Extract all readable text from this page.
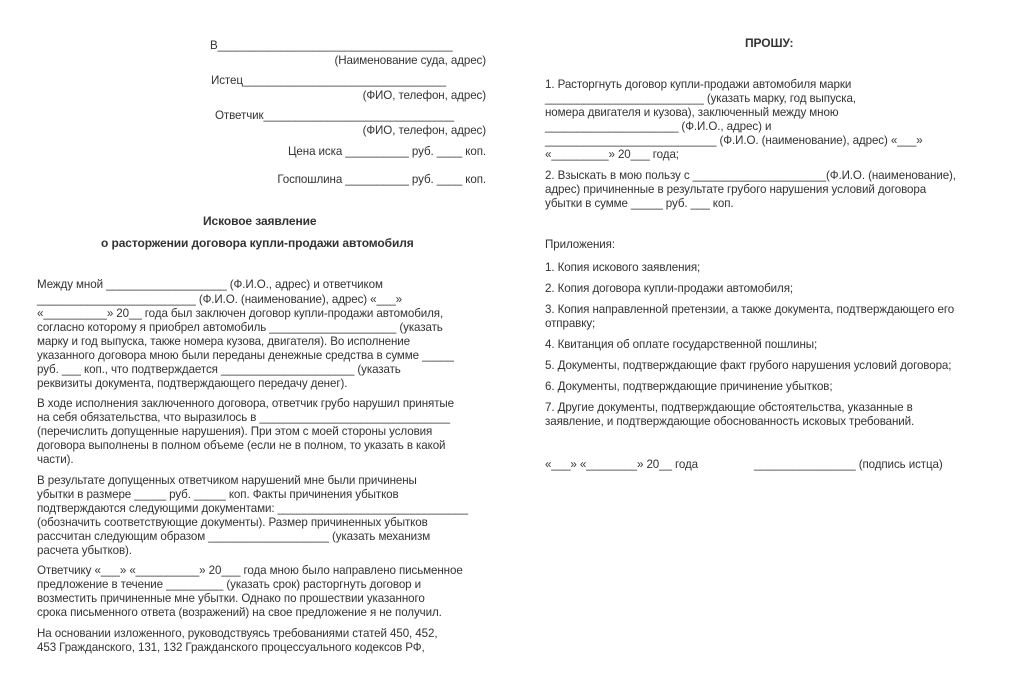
В_____________________________________
(Наименование суда, адрес)
Истец________________________________
(ФИО, телефон, адрес)
Ответчик______________________________
(ФИО, телефон, адрес)
Цена иска __________ руб. ____ коп.
Госпошлина __________ руб. ____ коп.
Исковое заявление
о расторжении договора купли-продажи автомобиля
Между мной ___________________ (Ф.И.О., адрес) и ответчиком
_________________________ (Ф.И.О. (наименование), адрес) «___»
«__________» 20__ года был заключен договор купли-продажи автомобиля,
согласно которому я приобрел автомобиль ____________________ (указать
марку и год выпуска, также номера кузова, двигателя). Во исполнение
указанного договора мною были переданы денежные средства в сумме _____
руб. ___ коп., что подтверждается _____________________ (указать
реквизиты документа, подтверждающего передачу денег).
В ходе исполнения заключенного договора, ответчик грубо нарушил принятые
на себя обязательства, что выразилось в ______________________________
(перечислить допущенные нарушения). При этом с моей стороны условия
договора выполнены в полном объеме (если не в полном, то указать в какой
части).
В результате допущенных ответчиком нарушений мне были причинены
убытки в размере _____ руб. _____ коп. Факты причинения убытков
подтверждаются следующими документами: ______________________________
(обозначить соответствующие документы). Размер причиненных убытков
рассчитан следующим образом ___________________ (указать механизм
расчета убытков).
Ответчику «___» «__________» 20___ года мною было направлено письменное
предложение в течение _________ (указать срок) расторгнуть договор и
возместить причиненные мне убытки. Однако по прошествии указанного
срока письменного ответа (возражений) на свое предложение я не получил.
На основании изложенного, руководствуясь требованиями статей 450, 452,
453 Гражданского, 131, 132 Гражданского процессуального кодексов РФ,
ПРОШУ:
1. Расторгнуть договор купли-продажи автомобиля марки
_________________________ (указать марку, год выпуска,
номера двигателя и кузова), заключенный между мною
_____________________ (Ф.И.О., адрес) и
___________________________ (Ф.И.О. (наименование), адрес) «___»
«_________» 20___ года;
2. Взыскать в мою пользу с _____________________(Ф.И.О. (наименование),
адрес) причиненные в результате грубого нарушения условий договора
убытки в сумме _____ руб. ___ коп.
Приложения:
1. Копия искового заявления;
2. Копия договора купли-продажи автомобиля;
3. Копия направленной претензии, а также документа, подтверждающего его
отправку;
4. Квитанция об оплате государственной пошлины;
5. Документы, подтверждающие факт грубого нарушения условий договора;
6. Документы, подтверждающие причинение убытков;
7. Другие документы, подтверждающие обстоятельства, указанные в
заявление, и подтверждающие обоснованность исковых требований.
«___» «________» 20__ года	________________ (подпись истца)
